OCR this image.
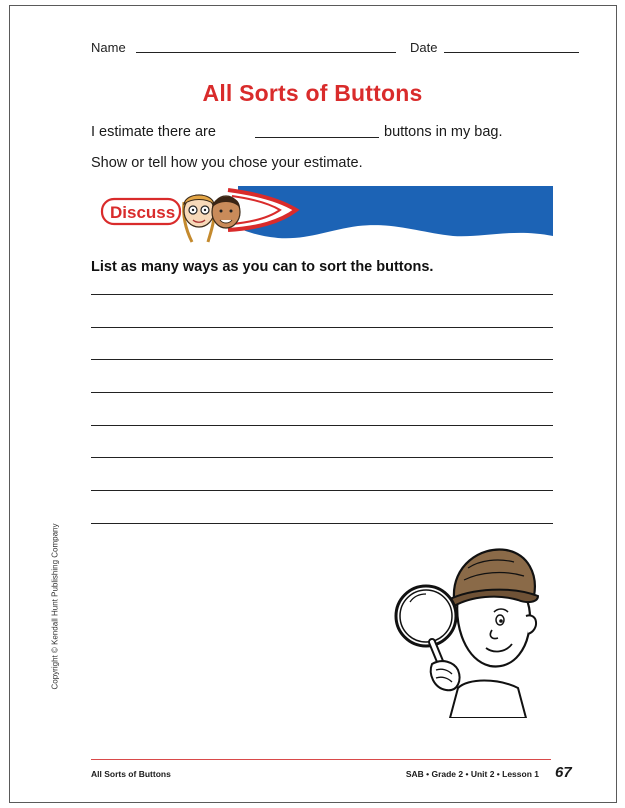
Name	Date
All Sorts of Buttons
I estimate there are	buttons in my bag.
Show or tell how you chose your estimate.
Discuss
List as many ways as you can to sort the buttons.
Copyright © Kendall Hunt Publishing Company
All Sorts of Buttons	SAB • Grade 2 • Unit 2 • Lesson 1 67
